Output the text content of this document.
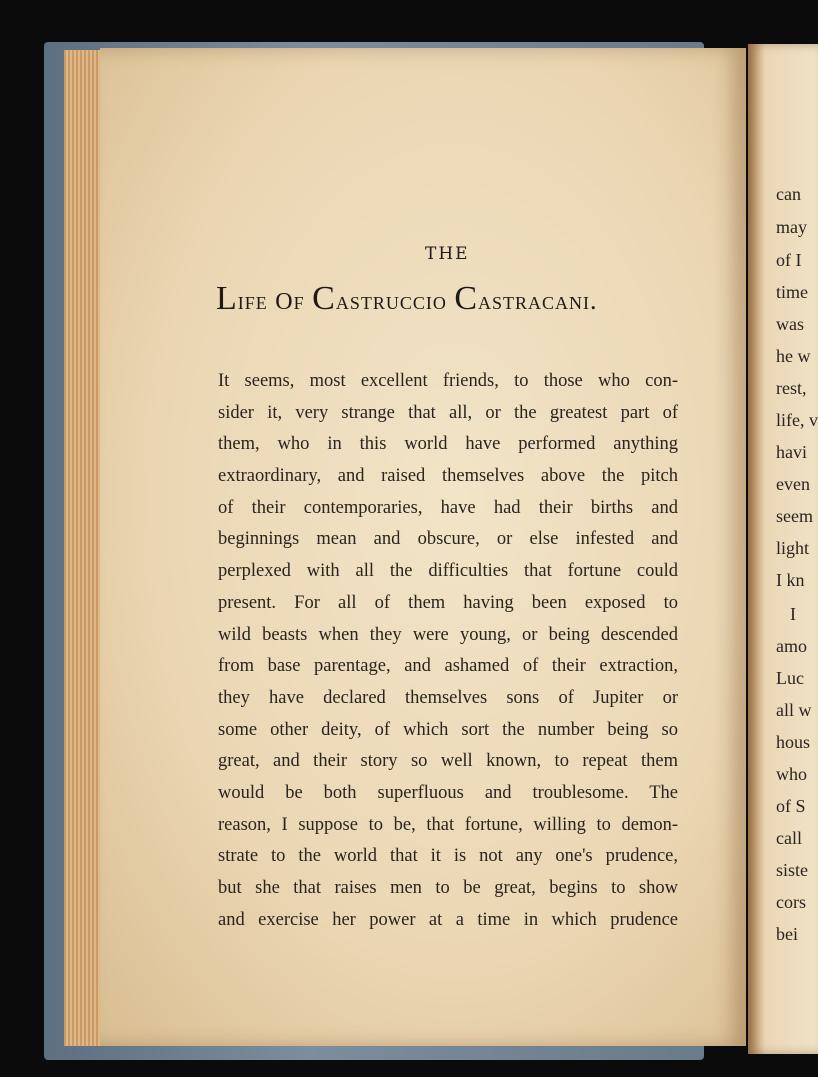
THE
Life of Castruccio Castracani.
It seems, most excellent friends, to those who con-
sider it, very strange that all, or the greatest part of
them, who in this world have performed anything
extraordinary, and raised themselves above the pitch
of their contemporaries, have had their births and
beginnings mean and obscure, or else infested and
perplexed with all the difficulties that fortune could
present. For all of them having been exposed to
wild beasts when they were young, or being descended
from base parentage, and ashamed of their extraction,
they have declared themselves sons of Jupiter or
some other deity, of which sort the number being so
great, and their story so well known, to repeat them
would be both superfluous and troublesome. The
reason, I suppose to be, that fortune, willing to demon-
strate to the world that it is not any one's prudence,
but she that raises men to be great, begins to show
and exercise her power at a time in which prudence
can
may
of I
time
was
he w
rest,
life, v
havi
even
seem
light
I kn
I
amo
Luc
all w
hous
who
of S
call
siste
cors
bei
